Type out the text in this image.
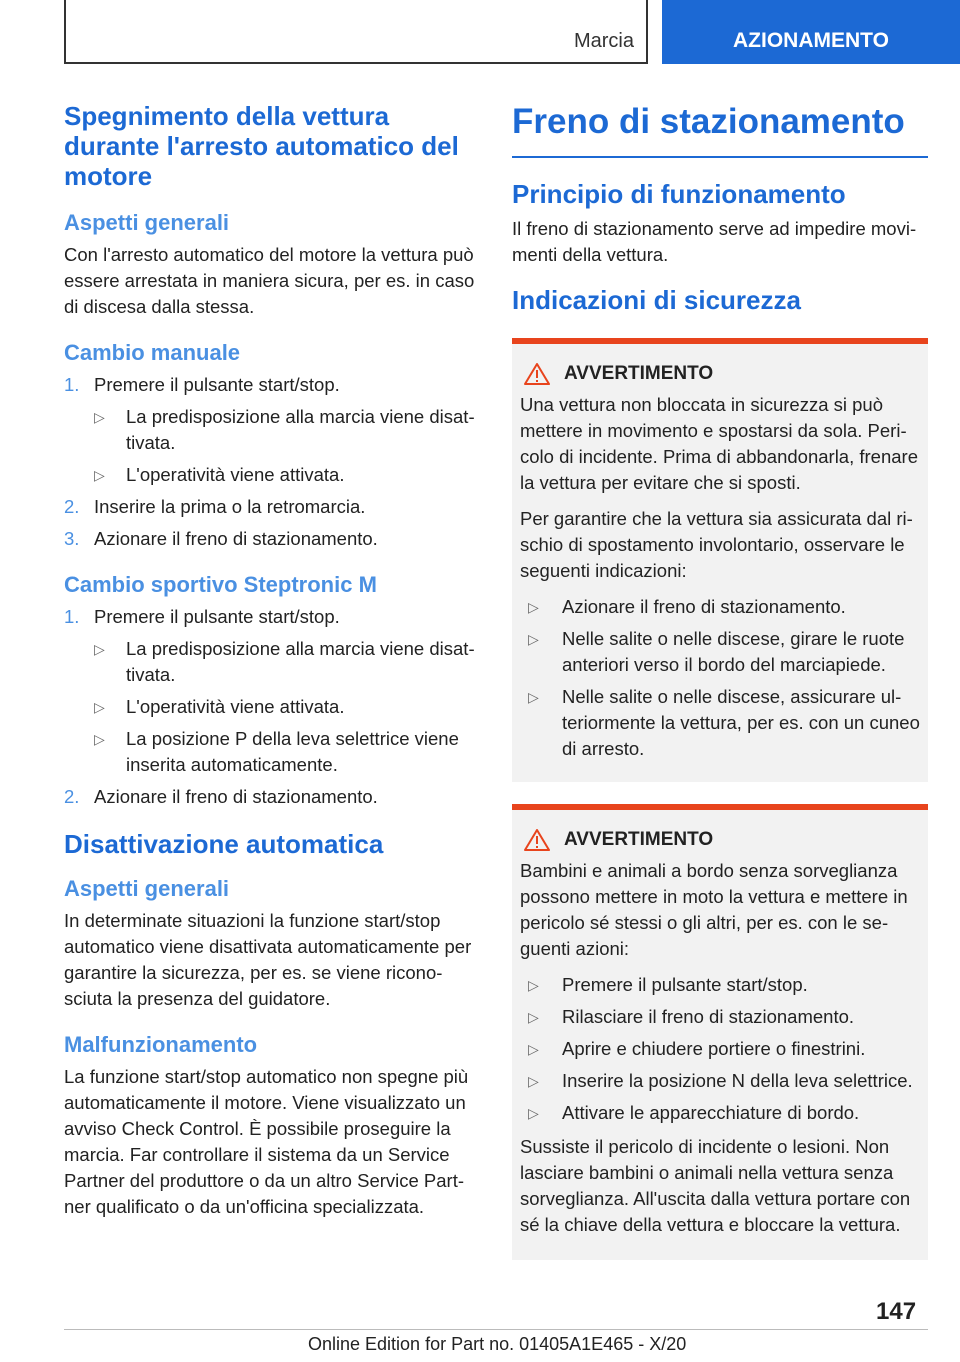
Marcia	AZIONAMENTO
Spegnimento della vettura durante l'arresto automatico del motore
Aspetti generali

Con l'arresto automatico del motore la vettura può essere arrestata in maniera sicura, per es. in caso di discesa dalla stessa.

Cambio manuale
1. Premere il pulsante start/stop.
▷	La predisposizione alla marcia viene disattivata.
▷	L'operatività viene attivata.
2. Inserire la prima o la retromarcia.
3. Azionare il freno di stazionamento.
Cambio sportivo Steptronic M
1. Premere il pulsante start/stop.
▷	La predisposizione alla marcia viene disattivata.
▷	L'operatività viene attivata.
▷	La posizione P della leva selettrice viene inserita automaticamente.
2. Azionare il freno di stazionamento.
Disattivazione automatica
Aspetti generali

In determinate situazioni la funzione start/stop automatico viene disattivata automaticamente per garantire la sicurezza, per es. se viene riconosciuta la presenza del guidatore.

Malfunzionamento

La funzione start/stop automatico non spegne più automaticamente il motore. Viene visualizzato un avviso Check Control. È possibile proseguire la marcia. Far controllare il sistema da un Service Partner del produttore o da un altro Service Partner qualificato o da un'officina specializzata.

Freno di stazionamento
Principio di funzionamento

Il freno di stazionamento serve ad impedire movimenti della vettura.

Indicazioni di sicurezza
AVVERTIMENTO

Una vettura non bloccata in sicurezza si può mettere in movimento e spostarsi da sola. Pericolo di incidente. Prima di abbandonarla, frenare la vettura per evitare che si sposti.

Per garantire che la vettura sia assicurata dal rischio di spostamento involontario, osservare le seguenti indicazioni:

▷	Azionare il freno di stazionamento.
▷	Nelle salite o nelle discese, girare le ruote anteriori verso il bordo del marciapiede.
▷	Nelle salite o nelle discese, assicurare ulteriormente la vettura, per es. con un cuneo di arresto.
AVVERTIMENTO

Bambini e animali a bordo senza sorveglianza possono mettere in moto la vettura e mettere in pericolo sé stessi o gli altri, per es. con le seguenti azioni:

▷	Premere il pulsante start/stop.
▷	Rilasciare il freno di stazionamento.
▷	Aprire e chiudere portiere o finestrini.
▷	Inserire la posizione N della leva selettrice.
▷	Attivare le apparecchiature di bordo.

Sussiste il pericolo di incidente o lesioni. Non lasciare bambini o animali nella vettura senza sorveglianza. All'uscita dalla vettura portare con sé la chiave della vettura e bloccare la vettura.

147
Online Edition for Part no. 01405A1E465 - X/20
